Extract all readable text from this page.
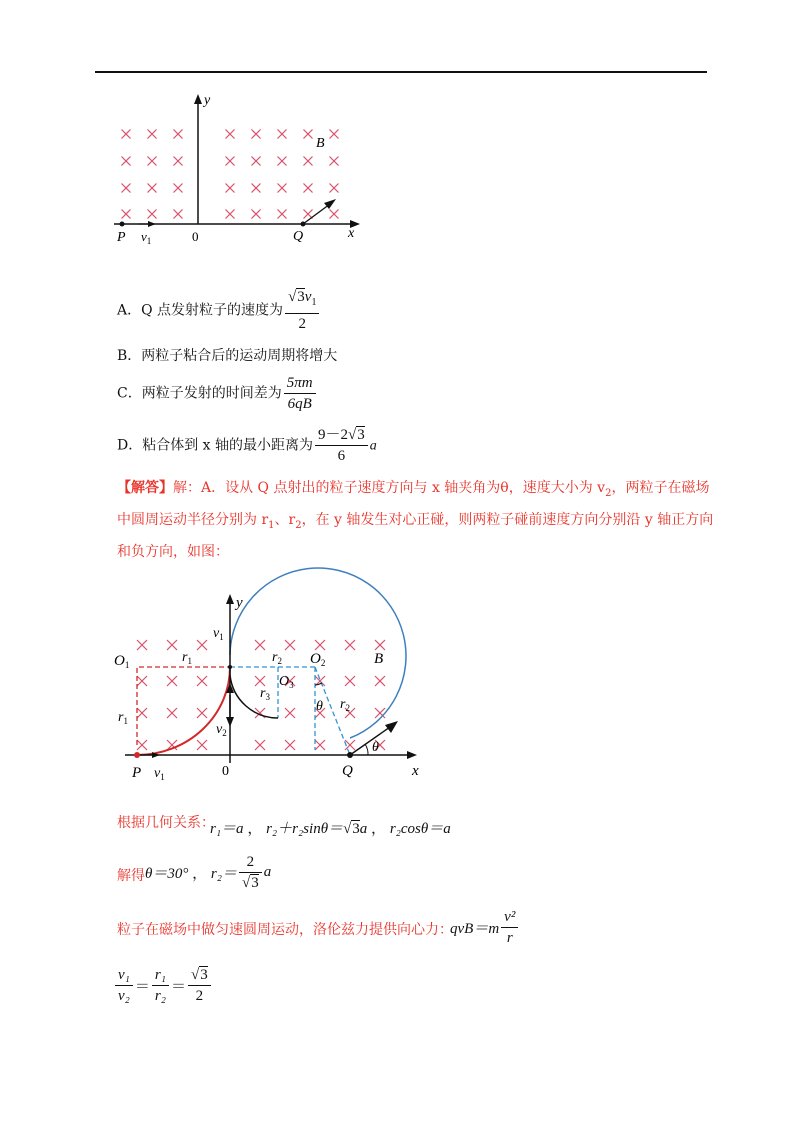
y
x
B
P $v_1$	0	Q
A．Q 点发射粒子的速度为 $\frac{√3v_1}{2}$
B．两粒子粘合后的运动周期将增大
C．两粒子发射的时间差为 $\frac{5\pi m}{6qB}$
D．粘合体到 x 轴的最小距离为 $\frac{9-2√3}{6}$ a
【解答】解：A．设从 Q 点射出的粒子速度方向与 x 轴夹角为θ，速度大小为 $v_2$，两粒子在磁场
中圆周运动半径分别为 $r_1$、$r_2$，在 y 轴发生对心正碰，则两粒子碰前速度方向分别沿 y 轴正方向
和负方向，如图：
y
x
$v_1$
$O_1$	$r_1$	$r_2$ $O_2$	B
$O_3$
$r_3$
θ $r_2$
$r_1$
$v_2$
θ
P $v_1$	0	Q
根据几何关系：
r₁＝a ， r₂＋r₂sinθ＝√3a ， r₂cosθ＝a
解得 θ＝30° ， $r_2= \frac{2}{√3}$ a
粒子在磁场中做匀速圆周运动，洛伦兹力提供向心力：
$qvB=m \frac{\text{v²}}{r}$
$\frac{\text{v₁}}{\text{v₂}} = \frac{\text{r₁}}{\text{r₂}} = \frac{√3}{2}$
